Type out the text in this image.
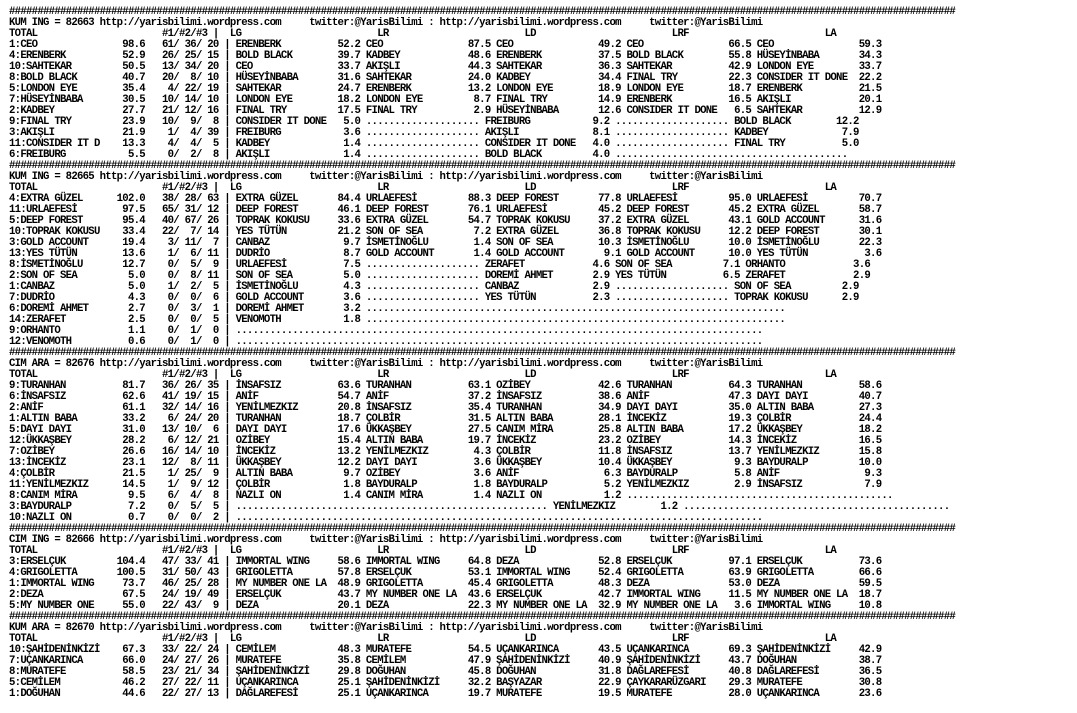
#######################################################################################################################################################################
KUM ING = 82663 http://yarisbilimi.wordpress.com     twitter:@YarisBilimi : http://yarisbilimi.wordpress.com     twitter:@YarisBilimi
TOTAL                      #1/#2/#3 |  LG                        LR                        LD                        LRF                        LA
1:CEO               98.6   61/ 36/ 20 | ERENBERK          52.2 CEO               87.5 CEO               49.2 CEO               66.5 CEO               59.3
4:ERENBERK          52.9   26/ 25/ 15 | BOLD BLACK        39.7 KADBEY            48.6 ERENBERK          37.5 BOLD BLACK        55.8 HÜSEYİNBABA       34.3
10:SAHTEKAR         50.5   13/ 34/ 20 | CEO               33.7 AKIŞLI            44.3 SAHTEKAR          36.3 SAHTEKAR          42.9 LONDON EYE        33.7
8:BOLD BLACK        40.7   20/  8/ 10 | HÜSEYİNBABA       31.6 SAHTEKAR          24.0 KADBEY            34.4 FINAL TRY         22.3 CONSIDER IT DONE  22.2
5:LONDON EYE        35.4    4/ 22/ 19 | SAHTEKAR          24.7 ERENBERK          13.2 LONDON EYE        18.9 LONDON EYE        18.7 ERENBERK          21.5
7:HÜSEYİNBABA       30.5   10/ 14/ 10 | LONDON EYE        18.2 LONDON EYE         8.7 FINAL TRY         14.9 ERENBERK          16.5 AKIŞLI            20.1
2:KADBEY            27.7   21/ 12/ 16 | FINAL TRY         17.5 FINAL TRY          2.9 HÜSEYİNBABA       12.6 CONSIDER IT DONE   6.5 SAHTEKAR          12.9
9:FINAL TRY         23.9   10/  9/  8 | CONSIDER IT DONE   5.0 .................... FREIBURG           9.2 .................... BOLD BLACK        12.2
3:AKIŞLI            21.9    1/  4/ 39 | FREIBURG           3.6 .................... AKIŞLI             8.1 .................... KADBEY             7.9
11:CONSIDER IT D    13.3    4/  4/  5 | KADBEY             1.4 .................... CONSIDER IT DONE   4.0 .................... FINAL TRY          5.0
6:FREIBURG           5.5    0/  2/  8 | AKIŞLI             1.4 .................... BOLD BLACK         4.0 .........................................
#######################################################################################################################################################################
KUM ING = 82665 http://yarisbilimi.wordpress.com     twitter:@YarisBilimi : http://yarisbilimi.wordpress.com     twitter:@YarisBilimi
TOTAL                      #1/#2/#3 |  LG                        LR                        LD                        LRF                        LA
4:EXTRA GÜZEL      102.0   38/ 28/ 63 | EXTRA GÜZEL       84.4 URLAEFESİ         88.3 DEEP FOREST       77.8 URLAEFESİ         95.0 URLAEFESİ         70.7
11:URLAEFESİ        97.5   65/ 31/ 12 | DEEP FOREST       46.1 DEEP FOREST       76.1 URLAEFESİ         45.2 DEEP FOREST       45.2 EXTRA GÜZEL       58.7
5:DEEP FOREST       95.4   40/ 67/ 26 | TOPRAK KOKUSU     33.6 EXTRA GÜZEL       54.7 TOPRAK KOKUSU     37.2 EXTRA GÜZEL       43.1 GOLD ACCOUNT      31.6
10:TOPRAK KOKUSU    33.4   22/  7/ 14 | YES TÜTÜN         21.2 SON OF SEA         7.2 EXTRA GÜZEL       36.8 TOPRAK KOKUSU     12.2 DEEP FOREST       30.1
3:GOLD ACCOUNT      19.4    3/ 11/  7 | CANBAZ             9.7 İSMETİNOĞLU        1.4 SON OF SEA        10.3 İSMETİNOĞLU       10.0 İSMETİNOĞLU       22.3
13:YES TÜTÜN        13.6    1/  6/ 11 | DUDRİO             8.7 GOLD ACCOUNT       1.4 GOLD ACCOUNT       9.1 GOLD ACCOUNT      10.0 YES TÜTÜN          3.6
8:İSMETİNOĞLU       12.7    0/  5/  9 | URLAEFESİ          7.5 .................... ZERAFET            4.6 SON OF SEA         7.1 ORHANTO            3.6
2:SON OF SEA         5.0    0/  8/ 11 | SON OF SEA         5.0 .................... DOREMİ AHMET       2.9 YES TÜTÜN          6.5 ZERAFET            2.9
1:CANBAZ             5.0    1/  2/  5 | İSMETİNOĞLU        4.3 .................... CANBAZ             2.9 .................... SON OF SEA         2.9
7:DUDRİO             4.3    0/  0/  6 | GOLD ACCOUNT       3.6 .................... YES TÜTÜN          2.3 .................... TOPRAK KOKUSU      2.9
6:DOREMİ AHMET       2.7    0/  3/  1 | DOREMİ AHMET       3.2 ..........................................................................
14:ZERAFET           2.5    0/  0/  5 | VENOMOTH           1.8 ..........................................................................
9:ORHANTO            1.1    0/  1/  0 | .............................................................................................
12:VENOMOTH          0.6    0/  1/  0 | .............................................................................................
#######################################################################################################################################################################
CIM ARA = 82676 http://yarisbilimi.wordpress.com     twitter:@YarisBilimi : http://yarisbilimi.wordpress.com     twitter:@YarisBilimi
TOTAL                      #1/#2/#3 |  LG                        LR                        LD                        LRF                        LA
9:TURANHAN          81.7   36/ 26/ 35 | İNSAFSIZ          63.6 TURANHAN          63.1 OZİBEY            42.6 TURANHAN          64.3 TURANHAN          58.6
6:İNSAFSIZ          62.6   41/ 19/ 15 | ANİF              54.7 ANİF              37.2 İNSAFSIZ          38.6 ANİF              47.3 DAYI DAYI         40.7
2:ANİF              61.1   32/ 14/ 16 | YENİLMEZKIZ       20.8 İNSAFSIZ          35.4 TURANHAN          34.9 DAYI DAYI         35.0 ALTIN BABA        27.3
1:ALTIN BABA        33.2    6/ 24/ 20 | TURANHAN          18.7 ÇOLBİR            31.5 ALTIN BABA        28.1 İNCEKİZ           19.3 ÇOLBİR            24.4
5:DAYI DAYI         31.0   13/ 10/  6 | DAYI DAYI         17.6 ÜKKAŞBEY          27.5 CANIM MİRA        25.8 ALTIN BABA        17.2 ÜKKAŞBEY          18.2
12:ÜKKAŞBEY         28.2    6/ 12/ 21 | OZİBEY            15.4 ALTIN BABA        19.7 İNCEKİZ           23.2 OZİBEY            14.3 İNCEKİZ           16.5
7:OZİBEY            26.6   16/ 14/ 10 | İNCEKİZ           13.2 YENİLMEZKIZ        4.3 ÇOLBİR            11.8 İNSAFSIZ          13.7 YENİLMEZKIZ       15.8
13:İNCEKİZ          23.1   12/  8/ 11 | ÜKKAŞBEY          12.2 DAYI DAYI          3.6 ÜKKAŞBEY          10.4 ÜKKAŞBEY           9.3 BAYDURALP         10.0
4:ÇOLBİR            21.5    1/ 25/  9 | ALTIN BABA         9.7 OZİBEY             3.6 ANİF               6.3 BAYDURALP          5.8 ANİF               9.3
11:YENİLMEZKIZ      14.5    1/  9/ 12 | ÇOLBİR             1.8 BAYDURALP          1.8 BAYDURALP          5.2 YENİLMEZKIZ        2.9 İNSAFSIZ           7.9
8:CANIM MİRA         9.5    6/  4/  8 | NAZLI ON           1.4 CANIM MİRA         1.4 NAZLI ON           1.2 ...............................................
3:BAYDURALP          7.2    0/  5/  5 | ....................................................... YENİLMEZKIZ        1.2 ...............................................
10:NAZLI ON          0.7    0/  0/  2 | .............................................................................................
#######################################################################################################################################################################
CIM ING = 82666 http://yarisbilimi.wordpress.com     twitter:@YarisBilimi : http://yarisbilimi.wordpress.com     twitter:@YarisBilimi
TOTAL                      #1/#2/#3 |  LG                        LR                        LD                        LRF                        LA
3:ERSELÇUK         104.4   47/ 33/ 41 | IMMORTAL WING     58.6 IMMORTAL WING     64.8 DEZA              52.8 ERSELÇUK          97.1 ERSELÇUK          73.6
4:GRIGOLETTA       100.5   31/ 50/ 43 | GRIGOLETTA        57.8 ERSELÇUK          53.1 IMMORTAL WING     52.4 GRIGOLETTA        63.9 GRIGOLETTA        66.6
1:IMMORTAL WING     73.7   46/ 25/ 28 | MY NUMBER ONE LA  48.9 GRIGOLETTA        45.4 GRIGOLETTA        48.3 DEZA              53.0 DEZA              59.5
2:DEZA              67.5   24/ 19/ 49 | ERSELÇUK          43.7 MY NUMBER ONE LA  43.6 ERSELÇUK          42.7 IMMORTAL WING     11.5 MY NUMBER ONE LA  18.7
5:MY NUMBER ONE     55.0   22/ 43/  9 | DEZA              20.1 DEZA              22.3 MY NUMBER ONE LA  32.9 MY NUMBER ONE LA   3.6 IMMORTAL WING     10.8
#######################################################################################################################################################################
KUM ARA = 82670 http://yarisbilimi.wordpress.com     twitter:@YarisBilimi : http://yarisbilimi.wordpress.com     twitter:@YarisBilimi
TOTAL                      #1/#2/#3 |  LG                        LR                        LD                        LRF                        LA
10:ŞAHİDENİNKİZİ    67.3   33/ 22/ 24 | CEMİLEM           48.3 MURATEFE          54.5 UÇANKARINCA       43.5 UÇANKARINCA       69.3 ŞAHİDENİNKİZİ     42.9
7:UÇANKARINCA       66.0   24/ 27/ 26 | MURATEFE          35.8 CEMİLEM           47.9 ŞAHİDENİNKİZİ     40.9 ŞAHİDENİNKİZİ     43.7 DOĞUHAN           38.7
8:MURATEFE          58.5   23/ 21/ 34 | ŞAHİDENİNKİZİ     29.8 DOĞUHAN           45.8 DOĞUHAN           31.8 DAĞLAREFESİ       40.8 DAĞLAREFESİ       36.5
5:CEMİLEM           46.2   27/ 22/ 11 | UÇANKARINCA       25.1 ŞAHİDENİNKİZİ     32.2 BAŞYAZAR          22.9 ÇAYKARARÜZGARI    29.3 MURATEFE          30.8
1:DOĞUHAN           44.6   22/ 27/ 13 | DAĞLAREFESİ       25.1 UÇANKARINCA       19.7 MURATEFE          19.5 MURATEFE          28.0 UÇANKARINCA       23.6
